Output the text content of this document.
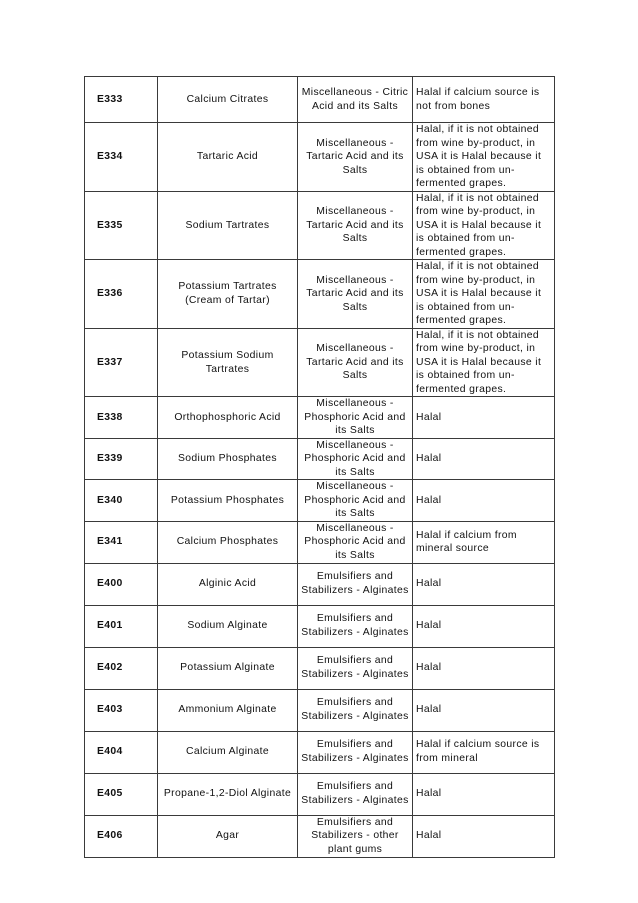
E333	Calcium Citrates	Miscellaneous - Citric Acid and its Salts	Halal if calcium source is not from bones
E334	Tartaric Acid	Miscellaneous - Tartaric Acid and its Salts	Halal, if it is not obtained from wine by-product, in USA it is Halal because it is obtained from un-fermented grapes.
E335	Sodium Tartrates	Miscellaneous - Tartaric Acid and its Salts	Halal, if it is not obtained from wine by-product, in USA it is Halal because it is obtained from un-fermented grapes.
E336	Potassium Tartrates (Cream of Tartar)	Miscellaneous - Tartaric Acid and its Salts	Halal, if it is not obtained from wine by-product, in USA it is Halal because it is obtained from un-fermented grapes.
E337	Potassium Sodium Tartrates	Miscellaneous - Tartaric Acid and its Salts	Halal, if it is not obtained from wine by-product, in USA it is Halal because it is obtained from un-fermented grapes.
E338	Orthophosphoric Acid	Miscellaneous - Phosphoric Acid and its Salts	Halal
E339	Sodium Phosphates	Miscellaneous - Phosphoric Acid and its Salts	Halal
E340	Potassium Phosphates	Miscellaneous - Phosphoric Acid and its Salts	Halal
E341	Calcium Phosphates	Miscellaneous - Phosphoric Acid and its Salts	Halal if calcium from mineral source
E400	Alginic Acid	Emulsifiers and Stabilizers - Alginates	Halal
E401	Sodium Alginate	Emulsifiers and Stabilizers - Alginates	Halal
E402	Potassium Alginate	Emulsifiers and Stabilizers - Alginates	Halal
E403	Ammonium Alginate	Emulsifiers and Stabilizers - Alginates	Halal
E404	Calcium Alginate	Emulsifiers and Stabilizers - Alginates	Halal if calcium source is from mineral
E405	Propane-1,2-Diol Alginate	Emulsifiers and Stabilizers - Alginates	Halal
E406	Agar	Emulsifiers and Stabilizers - other plant gums	Halal
